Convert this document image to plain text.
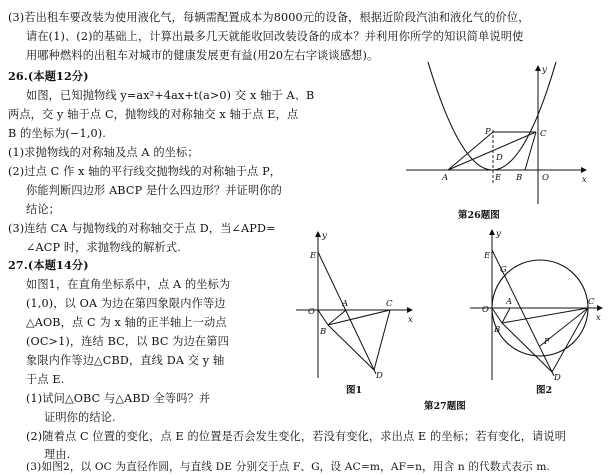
(3)若出租车要改装为使用液化气，每辆需配置成本为8000元的设备，根据近阶段汽油和液化气的价位，
请在(1)、(2)的基础上，计算出最多几天就能收回改装设备的成本？并利用你所学的知识简单说明使
用哪种燃料的出租车对城市的健康发展更有益(用20左右字谈谈感想)。
26.(本题12分)
如图，已知抛物线 y=ax²+4ax+t(a>0) 交 x 轴于 A、B
两点，交 y 轴于点 C，抛物线的对称轴交 x 轴于点 E，点
B 的坐标为(−1,0).
(1)求抛物线的对称轴及点 A 的坐标；
(2)过点 C 作 x 轴的平行线交抛物线的对称轴于点 P，
你能判断四边形 ABCP 是什么四边形？并证明你的
结论；
(3)连结 CA 与抛物线的对称轴交于点 D，当∠APD=
∠ACP 时，求抛物线的解析式.
27.(本题14分)
如图1，在直角坐标系中，点 A 的坐标为
(1,0)，以 OA 为边在第四象限内作等边
△AOB，点 C 为 x 轴的正半轴上一动点
(OC>1)，连结 BC，以 BC 为边在第四
象限内作等边△CBD，直线 DA 交 y 轴
于点 E.
(1)试问△OBC 与△ABD 全等吗？并
证明你的结论.
(2)随着点 C 位置的变化，点 E 的位置是否会发生变化，若没有变化，求出点 E 的坐标；若有变化，请说明
理由.
(3)如图2，以 OC 为直径作圆，与直线 DE 分别交于点 F、G，设 AC=m，AF=n，用含 n 的代数式表示 m.
y
x
P	C
D
A	E B O
第26题图
y
E
O
A	C
x
B
D
图1
y
E
G
O
A	C
x
B
F
D
图2
第27题图
